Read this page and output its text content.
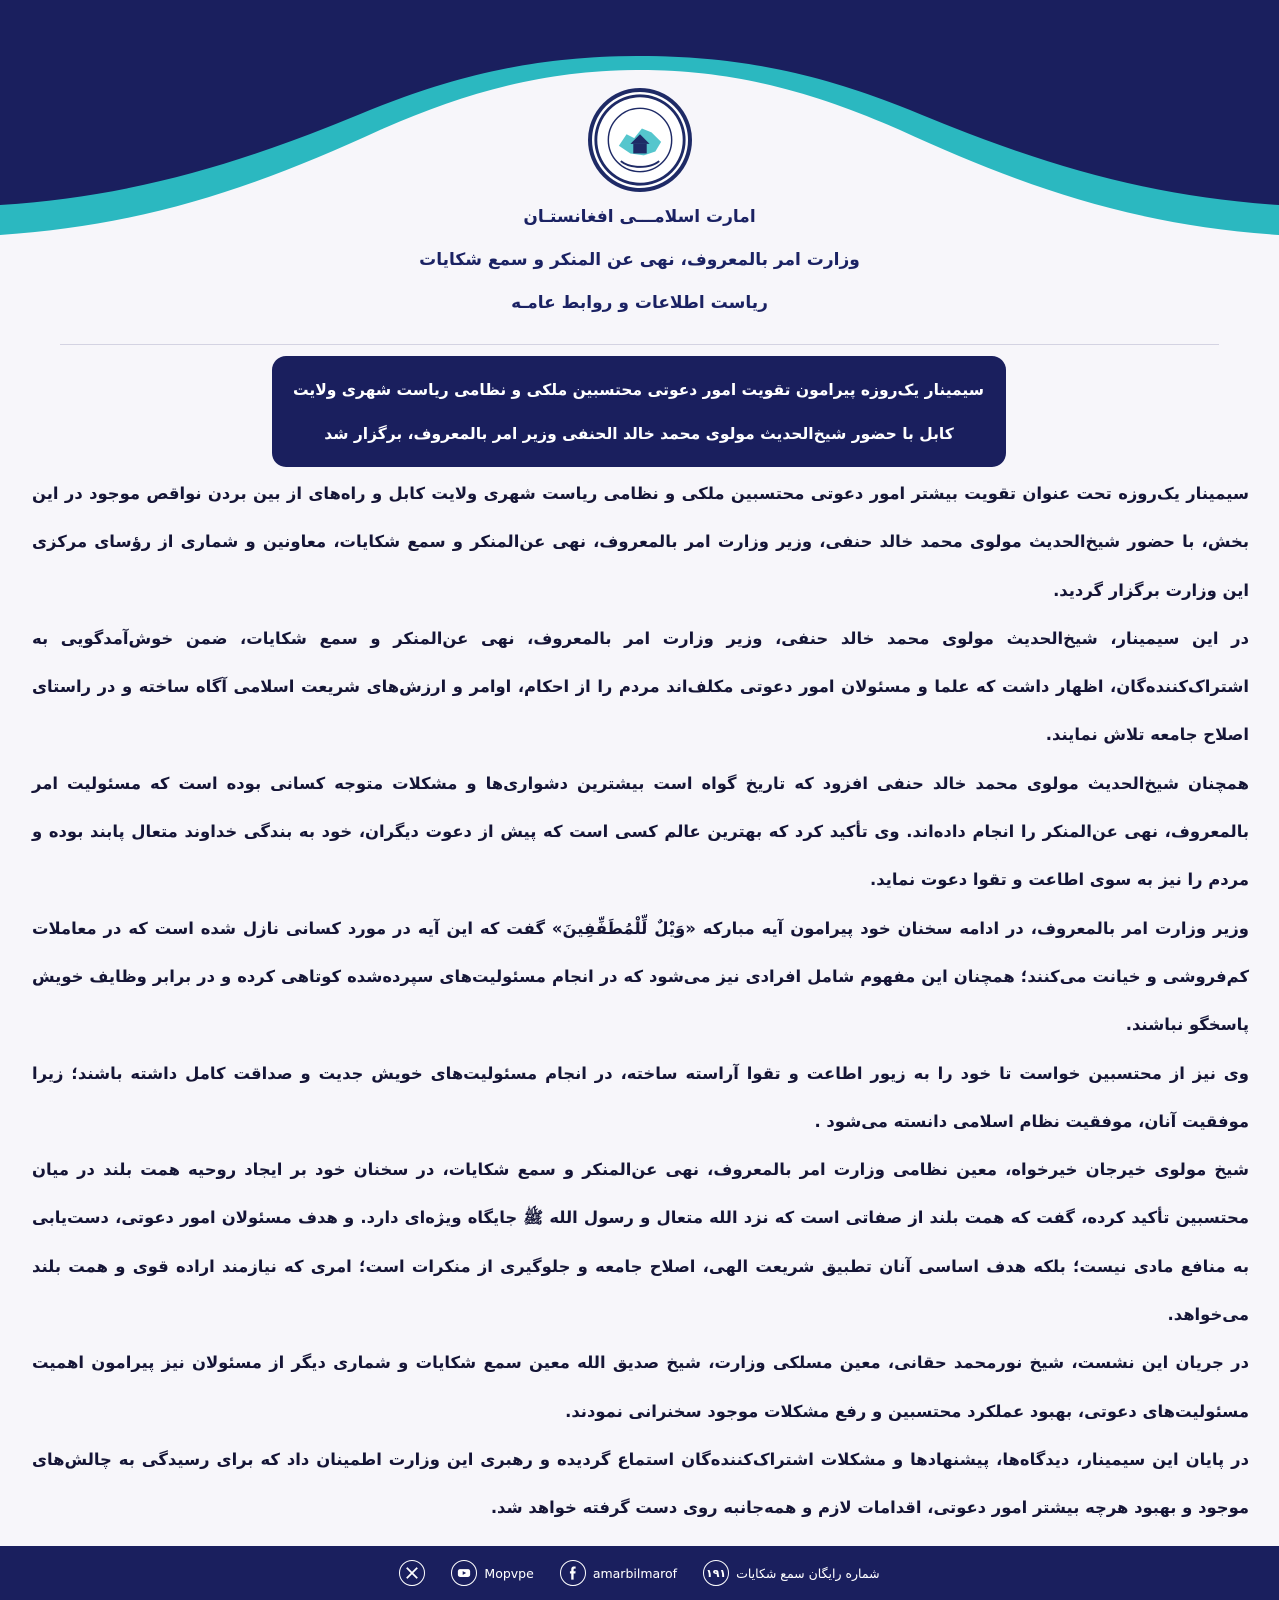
امارت اسلامـــی افغانستـان
وزارت امر بالمعروف، نهی عن المنکر و سمع شکایات
ریاست اطلاعات و روابط عامـه
سیمینار یک‌روزه پیرامون تقویت امور دعوتی محتسبین ملکی و نظامی ریاست شهری ولایت
کابل با حضور شیخ‌الحدیث مولوی محمد خالد الحنفی وزیر امر بالمعروف، برگزار شد

سیمینار یک‌روزه تحت عنوان تقویت بیشتر امور دعوتی محتسبین ملکی و نظامی ریاست شهری ولایت کابل و راه‌های از بین بردن نواقص موجود در این بخش، با حضور شیخ‌الحدیث مولوی محمد خالد حنفی، وزیر وزارت امر بالمعروف، نهی عن‌المنکر و سمع شکایات، معاونین و شماری از رؤسای مرکزی این وزارت برگزار گردید.

در این سیمینار، شیخ‌الحدیث مولوی محمد خالد حنفی، وزیر وزارت امر بالمعروف، نهی عن‌المنکر و سمع شکایات، ضمن خوش‌آمدگویی به اشتراک‌کننده‌گان، اظهار داشت که علما و مسئولان امور دعوتی مکلف‌اند مردم را از احکام، اوامر و ارزش‌های شریعت اسلامی آگاه ساخته و در راستای اصلاح جامعه تلاش نمایند.

همچنان شیخ‌الحدیث مولوی محمد خالد حنفی افزود که تاریخ گواه است بیشترین دشواری‌ها و مشکلات متوجه کسانی بوده است که مسئولیت امر بالمعروف، نهی عن‌المنکر را انجام داده‌اند. وی تأکید کرد که بهترین عالم کسی است که پیش از دعوت دیگران، خود به بندگی خداوند متعال پابند بوده و مردم را نیز به سوی اطاعت و تقوا دعوت نماید.

وزیر وزارت امر بالمعروف، در ادامه سخنان خود پیرامون آیه مبارکه «وَيْلٌ لِّلْمُطَفِّفِينَ» گفت که این آیه در مورد کسانی نازل شده است که در معاملات کم‌فروشی و خیانت می‌کنند؛ همچنان این مفهوم شامل افرادی نیز می‌شود که در انجام مسئولیت‌های سپرده‌شده کوتاهی کرده و در برابر وظایف خویش پاسخگو نباشند.

وی نیز از محتسبین خواست تا خود را به زیور اطاعت و تقوا آراسته ساخته، در انجام مسئولیت‌های خویش جدیت و صداقت کامل داشته باشند؛ زیرا موفقیت آنان، موفقیت نظام اسلامی دانسته می‌شود .

شیخ مولوی خیرجان خیرخواه، معین نظامی وزارت امر بالمعروف، نهی عن‌المنکر و سمع شکایات، در سخنان خود بر ایجاد روحیه همت بلند در میان محتسبین تأکید کرده، گفت که همت بلند از صفاتی است که نزد الله متعال و رسول الله ﷺ جایگاه ویژه‌ای دارد. و هدف مسئولان امور دعوتی، دست‌یابی به منافع مادی نیست؛ بلکه هدف اساسی آنان تطبیق شریعت الهی، اصلاح جامعه و جلوگیری از منکرات است؛ امری که نیازمند اراده قوی و همت بلند می‌خواهد.

در جریان این نشست، شیخ نورمحمد حقانی، معین مسلکی وزارت، شیخ صدیق الله معین سمع شکایات و شماری دیگر از مسئولان نیز پیرامون اهمیت مسئولیت‌های دعوتی، بهبود عملکرد محتسبین و رفع مشکلات موجود سخنرانی نمودند.

در پایان این سیمینار، دیدگاه‌ها، پیشنهادها و مشکلات اشتراک‌کننده‌گان استماع گردیده و رهبری این وزارت اطمینان داد که برای رسیدگی به چالش‌های موجود و بهبود هرچه بیشتر امور دعوتی، اقدامات لازم و همه‌جانبه روی دست گرفته خواهد شد.

شماره رایگان سمع شکایات
۱۹۱
amarbilmarof
Mopvpe
